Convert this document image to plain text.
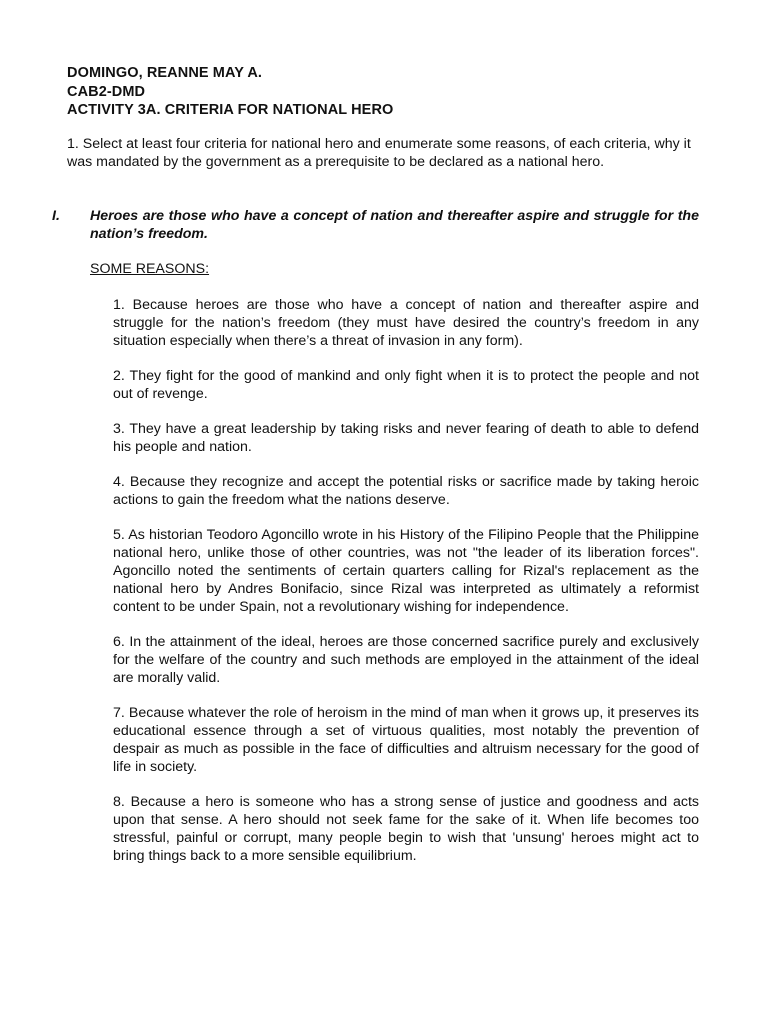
DOMINGO, REANNE MAY A.
CAB2-DMD
ACTIVITY 3A. CRITERIA FOR NATIONAL HERO
1. Select at least four criteria for national hero and enumerate some reasons, of each criteria, why it was mandated by the government as a prerequisite to be declared as a national hero.
I. Heroes are those who have a concept of nation and thereafter aspire and struggle for the nation’s freedom.
SOME REASONS:

1. Because heroes are those who have a concept of nation and thereafter aspire and struggle for the nation’s freedom (they must have desired the country’s freedom in any situation especially when there’s a threat of invasion in any form).

2. They fight for the good of mankind and only fight when it is to protect the people and not out of revenge.

3. They have a great leadership by taking risks and never fearing of death to able to defend his people and nation.

4. Because they recognize and accept the potential risks or sacrifice made by taking heroic actions to gain the freedom what the nations deserve.

5. As historian Teodoro Agoncillo wrote in his History of the Filipino People that the Philippine national hero, unlike those of other countries, was not "the leader of its liberation forces". Agoncillo noted the sentiments of certain quarters calling for Rizal's replacement as the national hero by Andres Bonifacio, since Rizal was interpreted as ultimately a reformist content to be under Spain, not a revolutionary wishing for independence.

6. In the attainment of the ideal, heroes are those concerned sacrifice purely and exclusively for the welfare of the country and such methods are employed in the attainment of the ideal are morally valid.

7. Because whatever the role of heroism in the mind of man when it grows up, it preserves its educational essence through a set of virtuous qualities, most notably the prevention of despair as much as possible in the face of difficulties and altruism necessary for the good of life in society.

8. Because a hero is someone who has a strong sense of justice and goodness and acts upon that sense. A hero should not seek fame for the sake of it. When life becomes too stressful, painful or corrupt, many people begin to wish that 'unsung' heroes might act to bring things back to a more sensible equilibrium.
